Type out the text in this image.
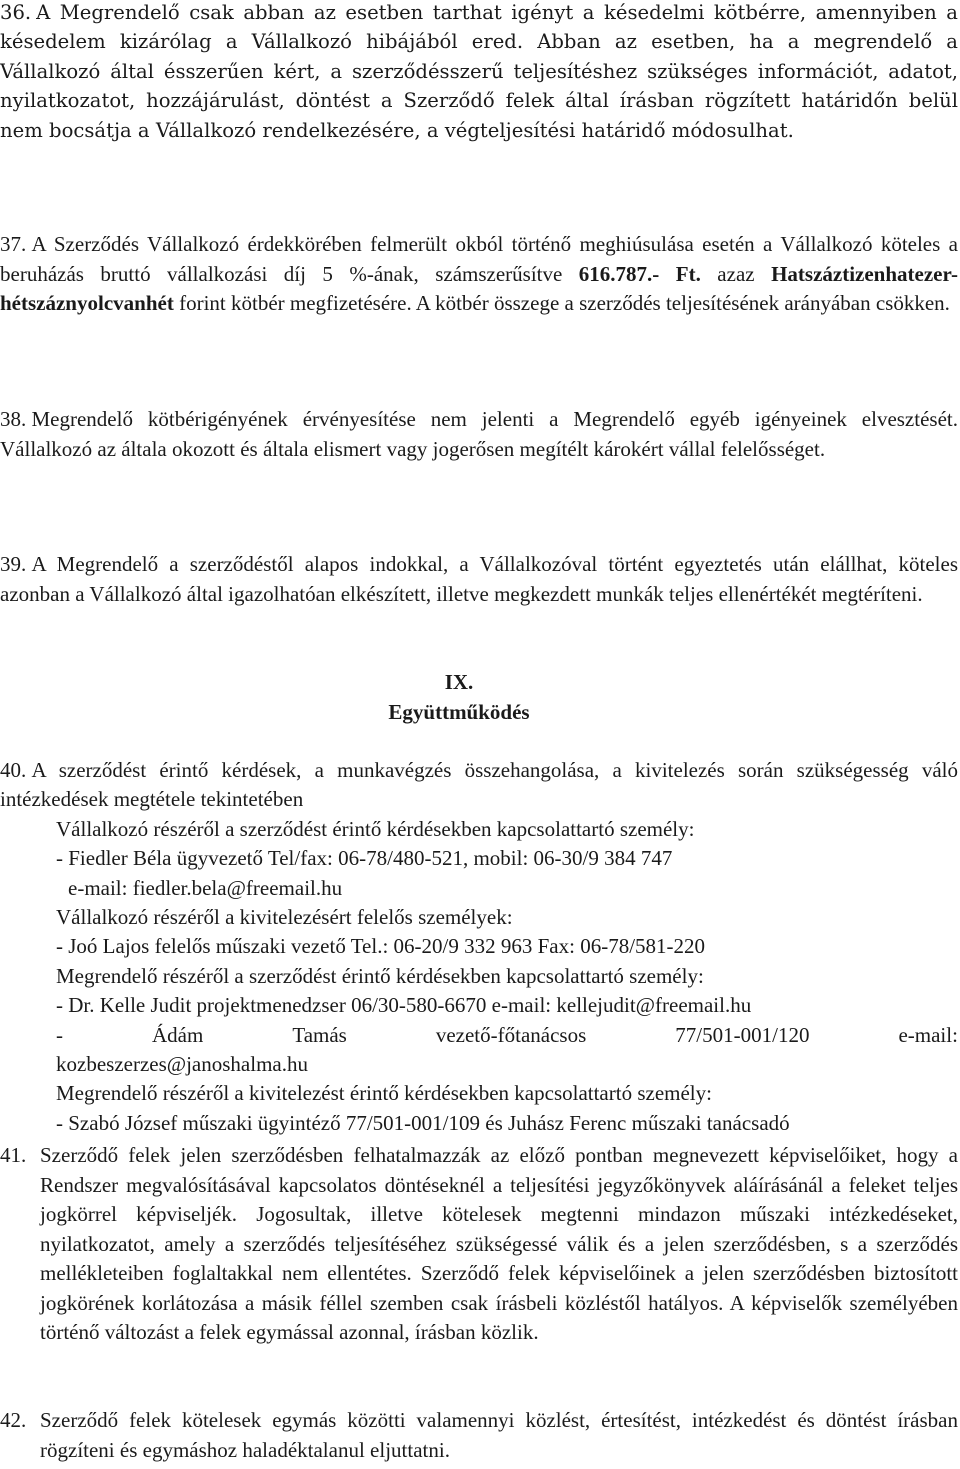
36. A Megrendelő csak abban az esetben tarthat igényt a késedelmi kötbérre, amennyiben a késedelem kizárólag a Vállalkozó hibájából ered. Abban az esetben, ha a megrendelő a Vállalkozó által ésszerűen kért, a szerződésszerű teljesítéshez szükséges információt, adatot, nyilatkozatot, hozzájárulást, döntést a Szerződő felek által írásban rögzített határidőn belül nem bocsátja a Vállalkozó rendelkezésére, a végteljesítési határidő módosulhat.
37. A Szerződés Vállalkozó érdekkörében felmerült okból történő meghiúsulása esetén a Vállalkozó köteles a beruházás bruttó vállalkozási díj 5 %-ának, számszerűsítve 616.787.- Ft. azaz Hatszáztizenhatezer-hétszáznyolcvanhét forint kötbér megfizetésére. A kötbér összege a szerződés teljesítésének arányában csökken.
38. Megrendelő kötbérigényének érvényesítése nem jelenti a Megrendelő egyéb igényeinek elvesztését. Vállalkozó az általa okozott és általa elismert vagy jogerősen megítélt károkért vállal felelősséget.
39. A Megrendelő a szerződéstől alapos indokkal, a Vállalkozóval történt egyeztetés után elállhat, köteles azonban a Vállalkozó által igazolhatóan elkészített, illetve megkezdett munkák teljes ellenértékét megtéríteni.
IX.
Együttműködés
40. A szerződést érintő kérdések, a munkavégzés összehangolása, a kivitelezés során szükségesség váló intézkedések megtétele tekintetében
Vállalkozó részéről a szerződést érintő kérdésekben kapcsolattartó személy:
- Fiedler Béla ügyvezető Tel/fax: 06-78/480-521, mobil: 06-30/9 384 747
e-mail: fiedler.bela@freemail.hu
Vállalkozó részéről a kivitelezésért felelős személyek:
- Joó Lajos felelős műszaki vezető Tel.: 06-20/9 332 963 Fax: 06-78/581-220
Megrendelő részéről a szerződést érintő kérdésekben kapcsolattartó személy:
- Dr. Kelle Judit projektmenedzser 06/30-580-6670 e-mail: kellejudit@freemail.hu
-	Ádám	Tamás	vezető-főtanácsos	77/501-001/120	e-mail:
kozbeszerzes@janoshalma.hu
Megrendelő részéről a kivitelezést érintő kérdésekben kapcsolattartó személy:
- Szabó József műszaki ügyintéző 77/501-001/109 és Juhász Ferenc műszaki tanácsadó
41. Szerződő felek jelen szerződésben felhatalmazzák az előző pontban megnevezett képviselőiket, hogy a Rendszer megvalósításával kapcsolatos döntéseknél a teljesítési jegyzőkönyvek aláírásánál a feleket teljes jogkörrel képviseljék. Jogosultak, illetve kötelesek megtenni mindazon műszaki intézkedéseket, nyilatkozatot, amely a szerződés teljesítéséhez szükségessé válik és a jelen szerződésben, s a szerződés mellékleteiben foglaltakkal nem ellentétes. Szerződő felek képviselőinek a jelen szerződésben biztosított jogkörének korlátozása a másik féllel szemben csak írásbeli közléstől hatályos. A képviselők személyében történő változást a felek egymással azonnal, írásban közlik.
42. Szerződő felek kötelesek egymás közötti valamennyi közlést, értesítést, intézkedést és döntést írásban rögzíteni és egymáshoz haladéktalanul eljuttatni.
